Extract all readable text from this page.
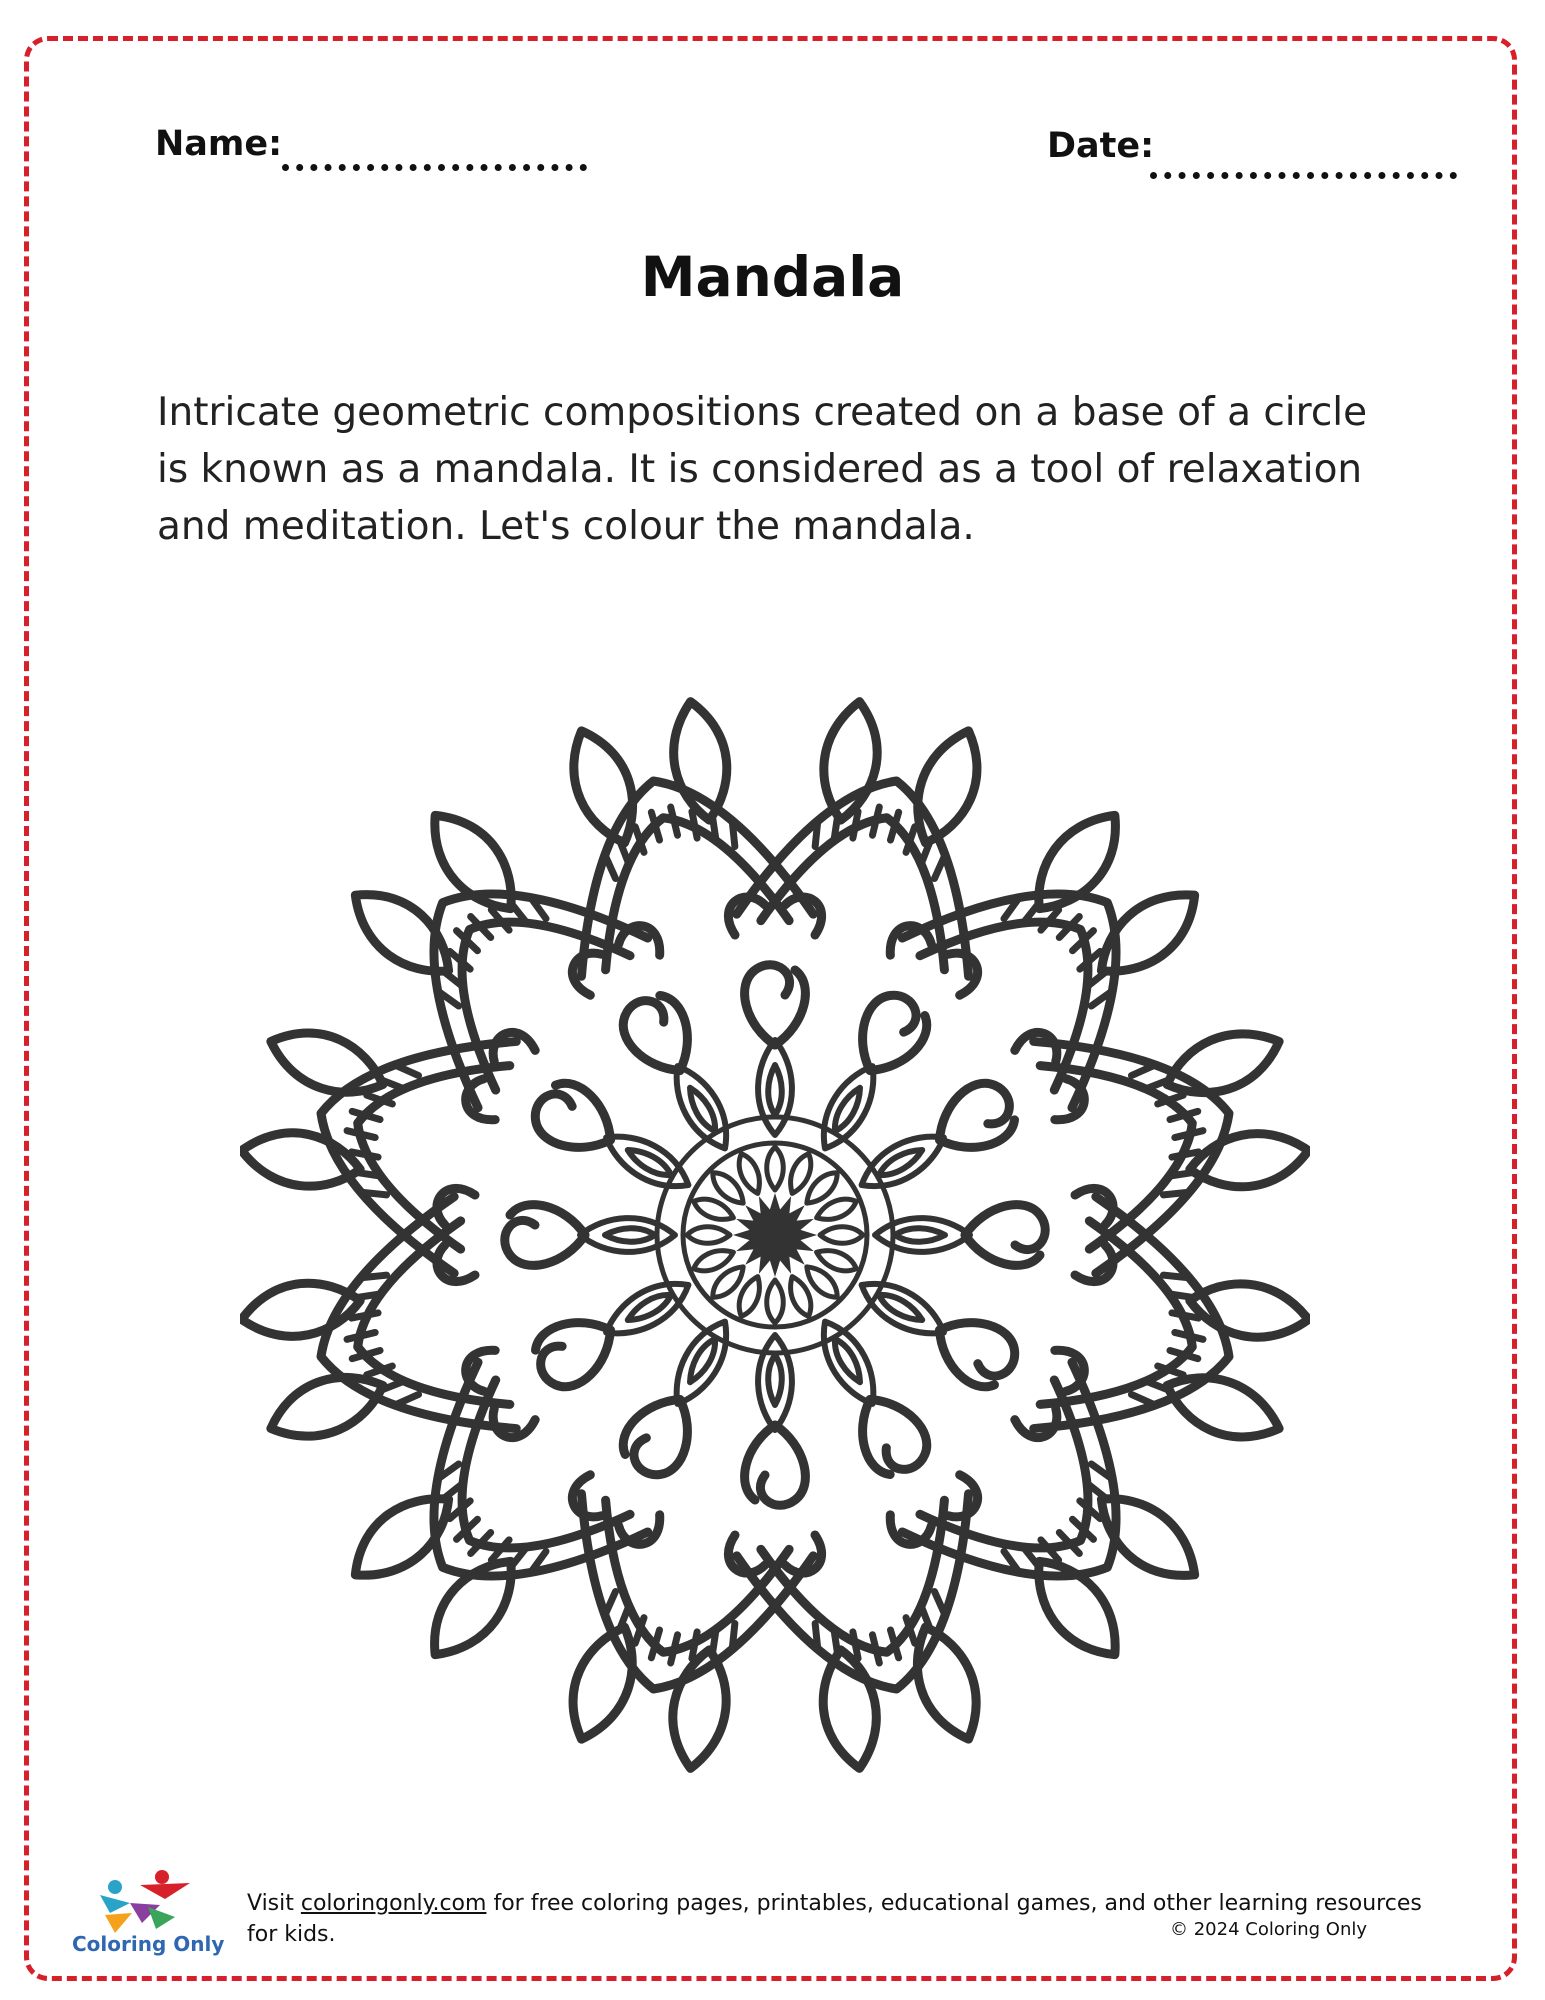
Name:	Date:
Mandala
Intricate geometric compositions created on a base of a circle
is known as a mandala. It is considered as a tool of relaxation
and meditation. Let's colour the mandala.
Coloring Only
Visit coloringonly.com for free coloring pages, printables, educational games, and other learning resources for kids.	© 2024 Coloring Only
